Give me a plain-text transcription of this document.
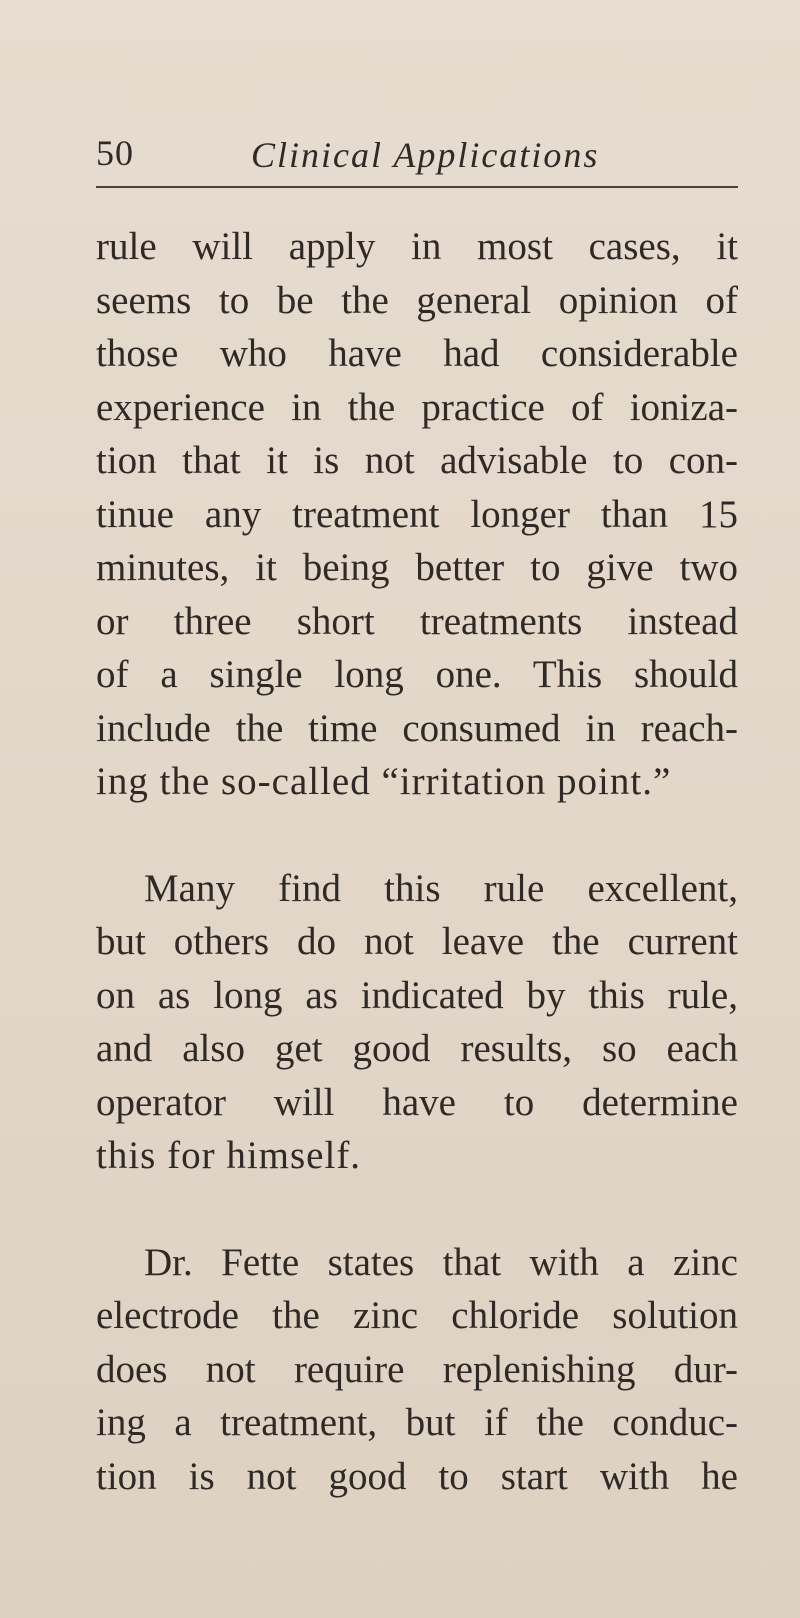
50	Clinical Applications
rule will apply in most cases, it
seems to be the general opinion of
those who have had considerable
experience in the practice of ioniza-
tion that it is not advisable to con-
tinue any treatment longer than 15
minutes, it being better to give two
or three short treatments instead
of a single long one. This should
include the time consumed in reach-
ing the so-called “irritation point.”
Many find this rule excellent,
but others do not leave the current
on as long as indicated by this rule,
and also get good results, so each
operator will have to determine
this for himself.
Dr. Fette states that with a zinc
electrode the zinc chloride solution
does not require replenishing dur-
ing a treatment, but if the conduc-
tion is not good to start with he
